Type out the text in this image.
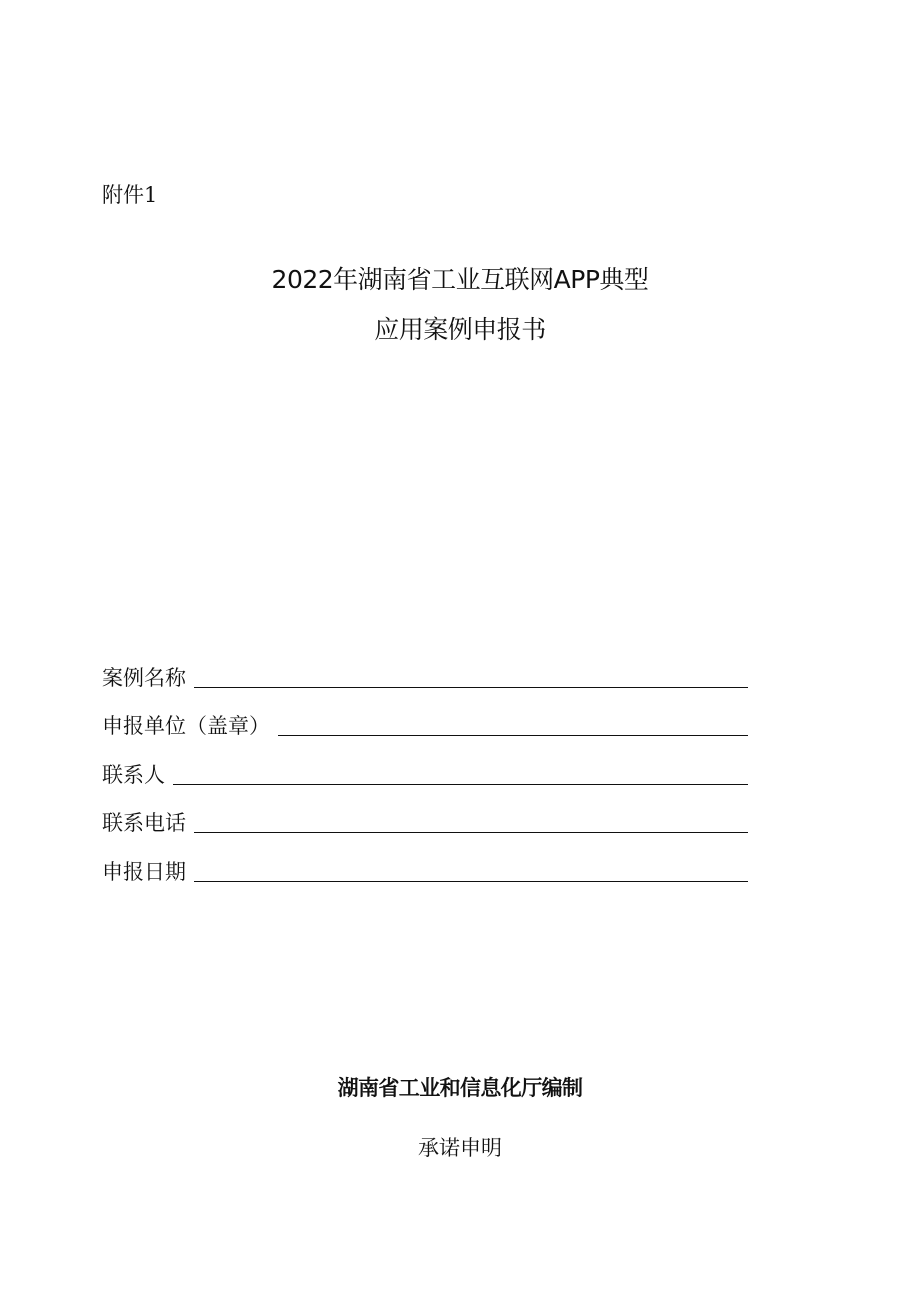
附件1
2022年湖南省工业互联网APP典型
应用案例申报书
案例名称
申报单位（盖章）
联系人
联系电话
申报日期
湖南省工业和信息化厅编制
承诺申明
